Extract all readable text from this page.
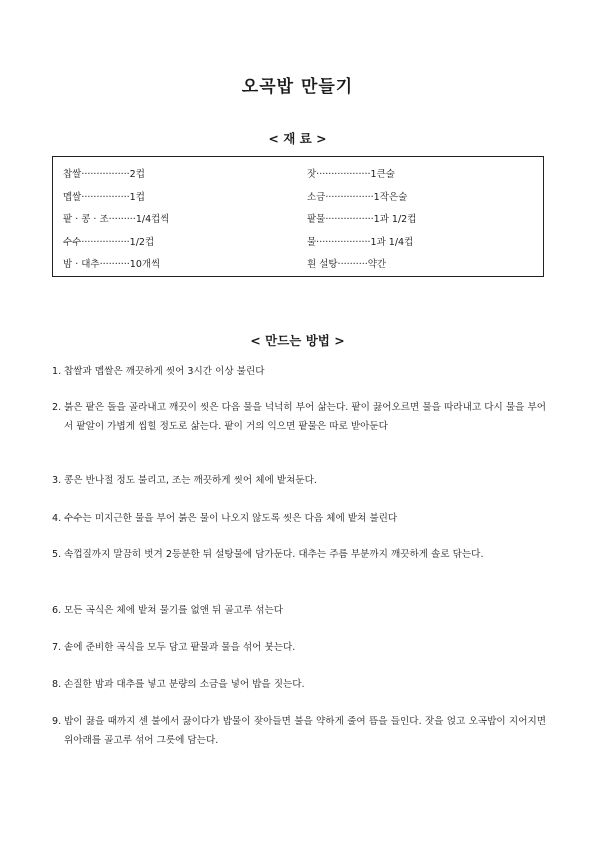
오곡밥 만들기
< 재 료 >
찹쌀················2컵
멥쌀················1컵
팥 · 콩 · 조·········1/4컵씩
수수················1/2컵
밤 · 대추··········10개씩
잣··················1큰술
소금················1작은술
팥물················1과 1/2컵
물··················1과 1/4컵
흰 설탕··········약간
< 만드는 방법 >
1. 찹쌀과 멥쌀은 깨끗하게 씻어 3시간 이상 불린다
2. 붉은 팥은 돌을 골라내고 깨끗이 씻은 다음 물을 넉넉히 부어 삶는다. 팥이 끓어오르면 물을 따라내고 다시 물을 부어서 팥알이 가볍게 씹힐 정도로 삶는다. 팥이 거의 익으면 팥물은 따로 받아둔다
3. 콩은 반나절 정도 불리고, 조는 깨끗하게 씻어 체에 밭쳐둔다.
4. 수수는 미지근한 물을 부어 붉은 물이 나오지 않도록 씻은 다음 체에 밭쳐 불린다
5. 속껍질까지 말끔히 벗겨 2등분한 뒤 설탕물에 담가둔다. 대추는 주름 부분까지 깨끗하게 솔로 닦는다.
6. 모든 곡식은 체에 밭쳐 물기를 없앤 뒤 골고루 섞는다
7. 솥에 준비한 곡식을 모두 담고 팥물과 물을 섞어 붓는다.
8. 손질한 밤과 대추를 넣고 분량의 소금을 넣어 밥을 짓는다.
9. 밥이 끓을 때까지 센 불에서 끓이다가 밥물이 잦아들면 불을 약하게 줄여 뜸을 들인다. 잣을 얹고 오곡밥이 지어지면 위아래를 골고루 섞어 그릇에 담는다.
